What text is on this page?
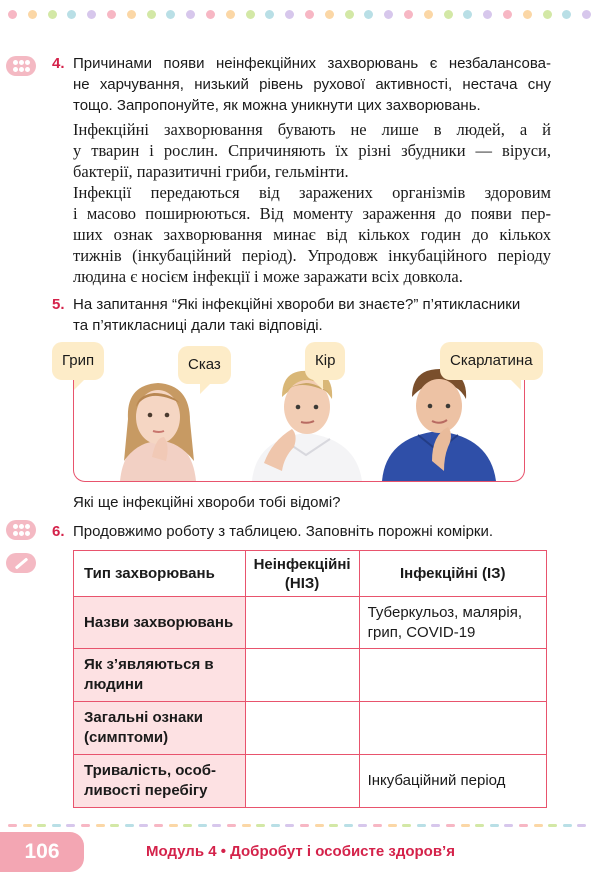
4. Причинами появи неінфекційних захворювань є незбалансова-
не харчування, низький рівень рухової активності, нестача сну
тощо. Запропонуйте, як можна уникнути цих захворювань.
Інфекційні захворювання бувають не лише в людей, а й
у тварин і рослин. Спричиняють їх різні збудники — віруси,
бактерії, паразитичні гриби, гельмінти.
Інфекції передаються від заражених організмів здоровим
і масово поширюються. Від моменту зараження до появи пер-
ших ознак захворювання минає від кількох годин до кількох
тижнів (інкубаційний період). Упродовж інкубаційного періоду
людина є носієм інфекції і може заражати всіх довкола.
5. На запитання “Які інфекційні хвороби ви знаєте?” п’ятикласники
та п’ятикласниці дали такі відповіді.
Грип	Сказ	Кір	Скарлатина
Які ще інфекційні хвороби тобі відомі?
6. Продовжимо роботу з таблицею. Заповніть порожні комірки.
Тип захворювань	Неінфекційні (НІЗ)	Інфекційні (ІЗ)
Назви захворювань		Туберкульоз, малярія, грип, COVID-19
Як з’являються в людини		
Загальні ознаки (симптоми)		
Тривалість, осoб- ливості перебігу		Інкубаційний період
106	Модуль 4 • Добробут і особисте здоров’я
